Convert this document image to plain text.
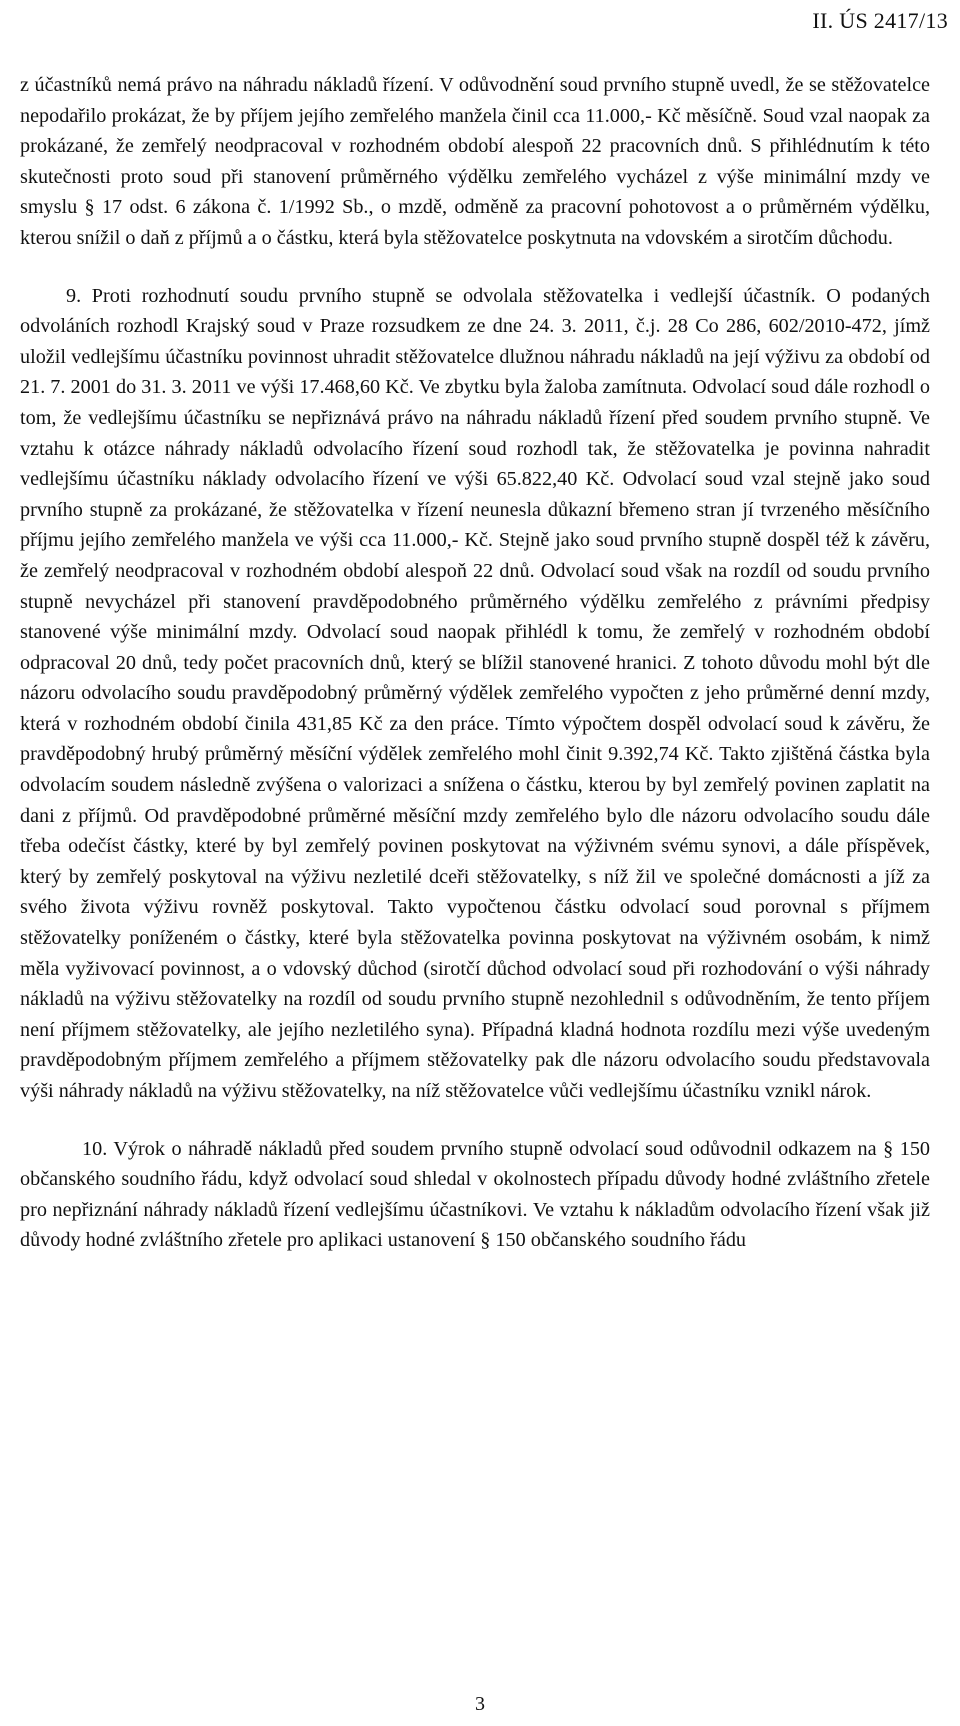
II. ÚS 2417/13

z účastníků nemá právo na náhradu nákladů řízení. V odůvodnění soud prvního stupně uvedl, že se stěžovatelce nepodařilo prokázat, že by příjem jejího zemřelého manžela činil cca 11.000,- Kč měsíčně. Soud vzal naopak za prokázané, že zemřelý neodpracoval v rozhodném období alespoň 22 pracovních dnů. S přihlédnutím k této skutečnosti proto soud při stanovení průměrného výdělku zemřelého vycházel z výše minimální mzdy ve smyslu § 17 odst. 6 zákona č. 1/1992 Sb., o mzdě, odměně za pracovní pohotovost a o průměrném výdělku, kterou snížil o daň z příjmů a o částku, která byla stěžovatelce poskytnuta na vdovském a sirotčím důchodu.

9. Proti rozhodnutí soudu prvního stupně se odvolala stěžovatelka i vedlejší účastník. O podaných odvoláních rozhodl Krajský soud v Praze rozsudkem ze dne 24. 3. 2011, č.j. 28 Co 286, 602/2010-472, jímž uložil vedlejšímu účastníku povinnost uhradit stěžovatelce dlužnou náhradu nákladů na její výživu za období od 21. 7. 2001 do 31. 3. 2011 ve výši 17.468,60 Kč. Ve zbytku byla žaloba zamítnuta. Odvolací soud dále rozhodl o tom, že vedlejšímu účastníku se nepřiznává právo na náhradu nákladů řízení před soudem prvního stupně. Ve vztahu k otázce náhrady nákladů odvolacího řízení soud rozhodl tak, že stěžovatelka je povinna nahradit vedlejšímu účastníku náklady odvolacího řízení ve výši 65.822,40 Kč. Odvolací soud vzal stejně jako soud prvního stupně za prokázané, že stěžovatelka v řízení neunesla důkazní břemeno stran jí tvrzeného měsíčního příjmu jejího zemřelého manžela ve výši cca 11.000,- Kč. Stejně jako soud prvního stupně dospěl též k závěru, že zemřelý neodpracoval v rozhodném období alespoň 22 dnů. Odvolací soud však na rozdíl od soudu prvního stupně nevycházel při stanovení pravděpodobného průměrného výdělku zemřelého z právními předpisy stanovené výše minimální mzdy. Odvolací soud naopak přihlédl k tomu, že zemřelý v rozhodném období odpracoval 20 dnů, tedy počet pracovních dnů, který se blížil stanovené hranici. Z tohoto důvodu mohl být dle názoru odvolacího soudu pravděpodobný průměrný výdělek zemřelého vypočten z jeho průměrné denní mzdy, která v rozhodném období činila 431,85 Kč za den práce. Tímto výpočtem dospěl odvolací soud k závěru, že pravděpodobný hrubý průměrný měsíční výdělek zemřelého mohl činit 9.392,74 Kč. Takto zjištěná částka byla odvolacím soudem následně zvýšena o valorizaci a snížena o částku, kterou by byl zemřelý povinen zaplatit na dani z příjmů. Od pravděpodobné průměrné měsíční mzdy zemřelého bylo dle názoru odvolacího soudu dále třeba odečíst částky, které by byl zemřelý povinen poskytovat na výživném svému synovi, a dále příspěvek, který by zemřelý poskytoval na výživu nezletilé dceři stěžovatelky, s níž žil ve společné domácnosti a jíž za svého života výživu rovněž poskytoval. Takto vypočtenou částku odvolací soud porovnal s příjmem stěžovatelky poníženém o částky, které byla stěžovatelka povinna poskytovat na výživném osobám, k nimž měla vyživovací povinnost, a o vdovský důchod (sirotčí důchod odvolací soud při rozhodování o výši náhrady nákladů na výživu stěžovatelky na rozdíl od soudu prvního stupně nezohlednil s odůvodněním, že tento příjem není příjmem stěžovatelky, ale jejího nezletilého syna). Případná kladná hodnota rozdílu mezi výše uvedeným pravděpodobným příjmem zemřelého a příjmem stěžovatelky pak dle názoru odvolacího soudu představovala výši náhrady nákladů na výživu stěžovatelky, na níž stěžovatelce vůči vedlejšímu účastníku vznikl nárok.

10. Výrok o náhradě nákladů před soudem prvního stupně odvolací soud odůvodnil odkazem na § 150 občanského soudního řádu, když odvolací soud shledal v okolnostech případu důvody hodné zvláštního zřetele pro nepřiznání náhrady nákladů řízení vedlejšímu účastníkovi. Ve vztahu k nákladům odvolacího řízení však již důvody hodné zvláštního zřetele pro aplikaci ustanovení § 150 občanského soudního řádu

3
